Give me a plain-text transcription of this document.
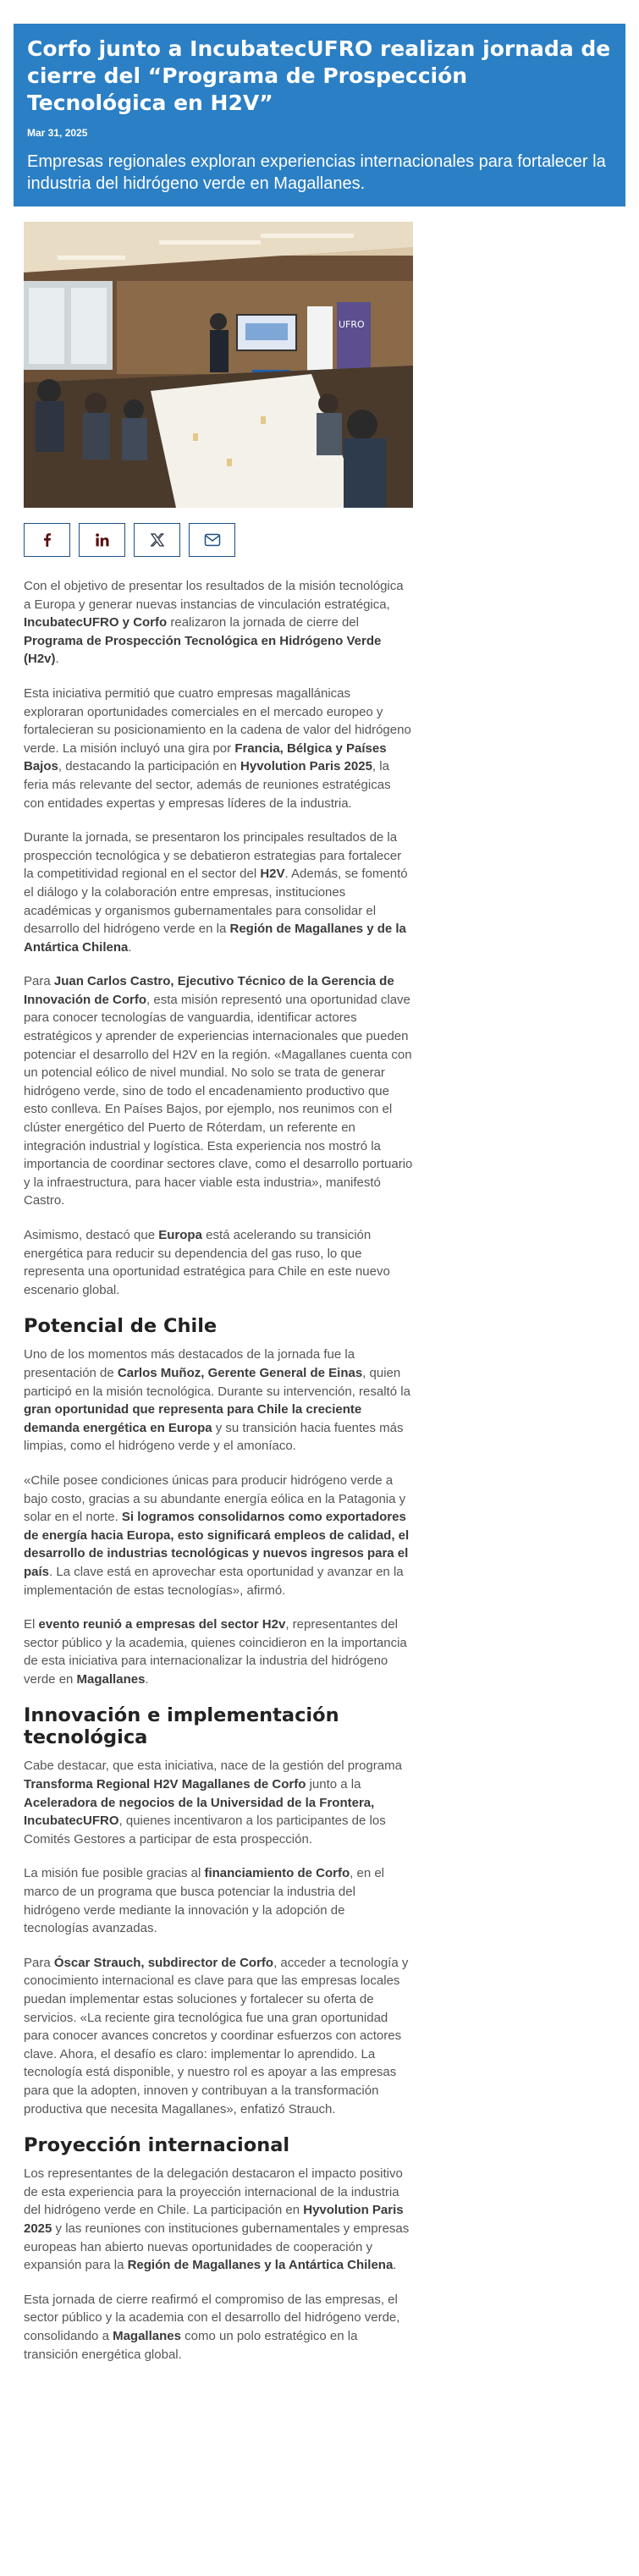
Corfo junto a IncubatecUFRO realizan jornada de cierre del “Programa de Prospección Tecnológica en H2V”
Mar 31, 2025
Empresas regionales exploran experiencias internacionales para fortalecer la industria del hidrógeno verde en Magallanes.
UFRO

Con el objetivo de presentar los resultados de la misión tecnológica a Europa y generar nuevas instancias de vinculación estratégica, IncubatecUFRO y Corfo realizaron la jornada de cierre del Programa de Prospección Tecnológica en Hidrógeno Verde (H2v).

Esta iniciativa permitió que cuatro empresas magallánicas exploraran oportunidades comerciales en el mercado europeo y fortalecieran su posicionamiento en la cadena de valor del hidrógeno verde. La misión incluyó una gira por Francia, Bélgica y Países Bajos, destacando la participación en Hyvolution Paris 2025, la feria más relevante del sector, además de reuniones estratégicas con entidades expertas y empresas líderes de la industria.

Durante la jornada, se presentaron los principales resultados de la prospección tecnológica y se debatieron estrategias para fortalecer la competitividad regional en el sector del H2V. Además, se fomentó el diálogo y la colaboración entre empresas, instituciones académicas y organismos gubernamentales para consolidar el desarrollo del hidrógeno verde en la Región de Magallanes y de la Antártica Chilena.

Para Juan Carlos Castro, Ejecutivo Técnico de la Gerencia de Innovación de Corfo, esta misión representó una oportunidad clave para conocer tecnologías de vanguardia, identificar actores estratégicos y aprender de experiencias internacionales que pueden potenciar el desarrollo del H2V en la región. «Magallanes cuenta con un potencial eólico de nivel mundial. No solo se trata de generar hidrógeno verde, sino de todo el encadenamiento productivo que esto conlleva. En Países Bajos, por ejemplo, nos reunimos con el clúster energético del Puerto de Róterdam, un referente en integración industrial y logística. Esta experiencia nos mostró la importancia de coordinar sectores clave, como el desarrollo portuario y la infraestructura, para hacer viable esta industria», manifestó Castro.

Asimismo, destacó que Europa está acelerando su transición energética para reducir su dependencia del gas ruso, lo que representa una oportunidad estratégica para Chile en este nuevo escenario global.

Potencial de Chile

Uno de los momentos más destacados de la jornada fue la presentación de Carlos Muñoz, Gerente General de Einas, quien participó en la misión tecnológica. Durante su intervención, resaltó la gran oportunidad que representa para Chile la creciente demanda energética en Europa y su transición hacia fuentes más limpias, como el hidrógeno verde y el amoníaco.

«Chile posee condiciones únicas para producir hidrógeno verde a bajo costo, gracias a su abundante energía eólica en la Patagonia y solar en el norte. Si logramos consolidarnos como exportadores de energía hacia Europa, esto significará empleos de calidad, el desarrollo de industrias tecnológicas y nuevos ingresos para el país. La clave está en aprovechar esta oportunidad y avanzar en la implementación de estas tecnologías», afirmó.

El evento reunió a empresas del sector H2v, representantes del sector público y la academia, quienes coincidieron en la importancia de esta iniciativa para internacionalizar la industria del hidrógeno verde en Magallanes.

Innovación e implementación tecnológica

Cabe destacar, que esta iniciativa, nace de la gestión del programa Transforma Regional H2V Magallanes de Corfo junto a la Aceleradora de negocios de la Universidad de la Frontera, IncubatecUFRO, quienes incentivaron a los participantes de los Comités Gestores a participar de esta prospección.

La misión fue posible gracias al financiamiento de Corfo, en el marco de un programa que busca potenciar la industria del hidrógeno verde mediante la innovación y la adopción de tecnologías avanzadas.

Para Óscar Strauch, subdirector de Corfo, acceder a tecnología y conocimiento internacional es clave para que las empresas locales puedan implementar estas soluciones y fortalecer su oferta de servicios. «La reciente gira tecnológica fue una gran oportunidad para conocer avances concretos y coordinar esfuerzos con actores clave. Ahora, el desafío es claro: implementar lo aprendido. La tecnología está disponible, y nuestro rol es apoyar a las empresas para que la adopten, innoven y contribuyan a la transformación productiva que necesita Magallanes», enfatizó Strauch.

Proyección internacional

Los representantes de la delegación destacaron el impacto positivo de esta experiencia para la proyección internacional de la industria del hidrógeno verde en Chile. La participación en Hyvolution Paris 2025 y las reuniones con instituciones gubernamentales y empresas europeas han abierto nuevas oportunidades de cooperación y expansión para la Región de Magallanes y la Antártica Chilena.

Esta jornada de cierre reafirmó el compromiso de las empresas, el sector público y la academia con el desarrollo del hidrógeno verde, consolidando a Magallanes como un polo estratégico en la transición energética global.
